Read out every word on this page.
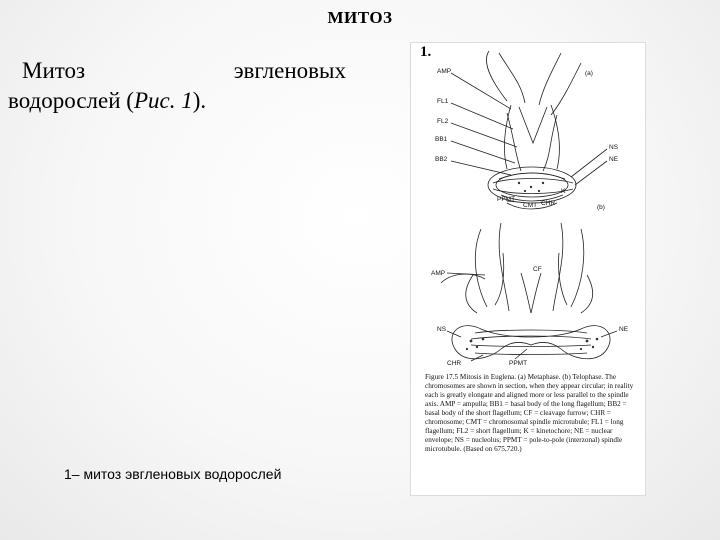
МИТОЗ
Митоз	эвгленовых
водорослей (Рис. 1).
1– митоз эвгленовых водорослей
AMP
FL1
FL2
BB1
BB2
NS
NE
K
PPMT
CMT CHR
(a)
(b)
AMP
CF
NS	NE
CHR	PPMT
Figure 17.5 Mitosis in Euglena. (a) Metaphase. (b) Telophase. The chromosomes are shown in section, when they appear circular; in reality each is greatly elongate and aligned more or less parallel to the spindle axis. AMP = ampulla; BB1 = basal body of the long flagellum; BB2 = basal body of the short flagellum; CF = cleavage furrow; CHR = chromosome; CMT = chromosomal spindle microtubule; FL1 = long flagellum; FL2 = short flagellum; K = kinetochore; NE = nuclear envelope; NS = nucleolus; PPMT = pole-to-pole (interzonal) spindle microtubule. (Based on 675,720.)
1.
